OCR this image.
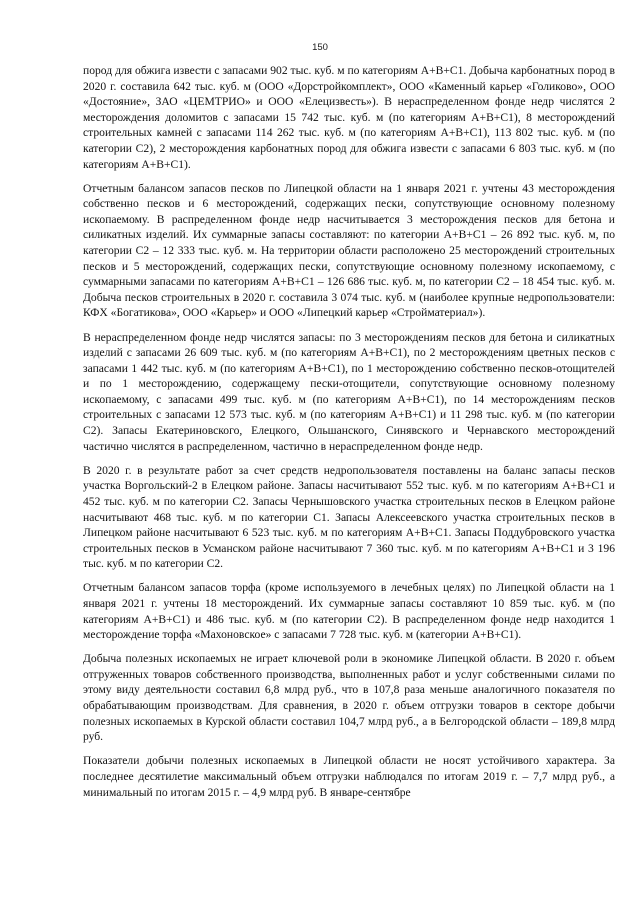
150

пород для обжига извести с запасами 902 тыс. куб. м по категориям А+В+С1. Добыча карбонатных пород в 2020 г. составила 642 тыс. куб. м (ООО «Дорстройкомплект», ООО «Каменный карьер «Голиково», ООО «Достояние», ЗАО «ЦЕМТРИО» и ООО «Елецизвесть»). В нераспределенном фонде недр числятся 2 месторождения доломитов с запасами 15 742 тыс. куб. м (по категориям А+В+С1), 8 месторождений строительных камней с запасами 114 262 тыс. куб. м (по категориям А+В+С1), 113 802 тыс. куб. м (по категории С2), 2 месторождения карбонатных пород для обжига извести с запасами 6 803 тыс. куб. м (по категориям А+В+С1).

Отчетным балансом запасов песков по Липецкой области на 1 января 2021 г. учтены 43 месторождения собственно песков и 6 месторождений, содержащих пески, сопутствующие основному полезному ископаемому. В распределенном фонде недр насчитывается 3 месторождения песков для бетона и силикатных изделий. Их суммарные запасы составляют: по категории А+В+С1 – 26 892 тыс. куб. м, по категории С2 – 12 333 тыс. куб. м. На территории области расположено 25 месторождений строительных песков и 5 месторождений, содержащих пески, сопутствующие основному полезному ископаемому, с суммарными запасами по категориям А+В+С1 – 126 686 тыс. куб. м, по категории С2 – 18 454 тыс. куб. м. Добыча песков строительных в 2020 г. составила 3 074 тыс. куб. м (наиболее крупные недропользователи: КФХ «Богатикова», ООО «Карьер» и ООО «Липецкий карьер «Стройматериал»).

В нераспределенном фонде недр числятся запасы: по 3 месторождениям песков для бетона и силикатных изделий с запасами 26 609 тыс. куб. м (по категориям А+В+С1), по 2 месторождениям цветных песков с запасами 1 442 тыс. куб. м (по категориям А+В+С1), по 1 месторождению собственно песков-отощителей и по 1 месторождению, содержащему пески-отощители, сопутствующие основному полезному ископаемому, с запасами 499 тыс. куб. м (по категориям А+В+С1), по 14 месторождениям песков строительных с запасами 12 573 тыс. куб. м (по категориям А+В+С1) и 11 298 тыс. куб. м (по категории С2). Запасы Екатериновского, Елецкого, Ольшанского, Синявского и Чернавского месторождений частично числятся в распределенном, частично в нераспределенном фонде недр.

В 2020 г. в результате работ за счет средств недропользователя поставлены на баланс запасы песков участка Воргольский-2 в Елецком районе. Запасы насчитывают 552 тыс. куб. м по категориям А+В+С1 и 452 тыс. куб. м по категории С2. Запасы Чернышовского участка строительных песков в Елецком районе насчитывают 468 тыс. куб. м по категории С1. Запасы Алексеевского участка строительных песков в Липецком районе насчитывают 6 523 тыс. куб. м по категориям А+В+С1. Запасы Поддубровского участка строительных песков в Усманском районе насчитывают 7 360 тыс. куб. м по категориям А+В+С1 и 3 196 тыс. куб. м по категории С2.

Отчетным балансом запасов торфа (кроме используемого в лечебных целях) по Липецкой области на 1 января 2021 г. учтены 18 месторождений. Их суммарные запасы составляют 10 859 тыс. куб. м (по категориям А+В+С1) и 486 тыс. куб. м (по категории С2). В распределенном фонде недр находится 1 месторождение торфа «Махоновское» с запасами 7 728 тыс. куб. м (категории А+В+С1).

Добыча полезных ископаемых не играет ключевой роли в экономике Липецкой области. В 2020 г. объем отгруженных товаров собственного производства, выполненных работ и услуг собственными силами по этому виду деятельности составил 6,8 млрд руб., что в 107,8 раза меньше аналогичного показателя по обрабатывающим производствам. Для сравнения, в 2020 г. объем отгрузки товаров в секторе добычи полезных ископаемых в Курской области составил 104,7 млрд руб., а в Белгородской области – 189,8 млрд руб.

Показатели добычи полезных ископаемых в Липецкой области не носят устойчивого характера. За последнее десятилетие максимальный объем отгрузки наблюдался по итогам 2019 г. – 7,7 млрд руб., а минимальный по итогам 2015 г. – 4,9 млрд руб. В январе-сентябре
